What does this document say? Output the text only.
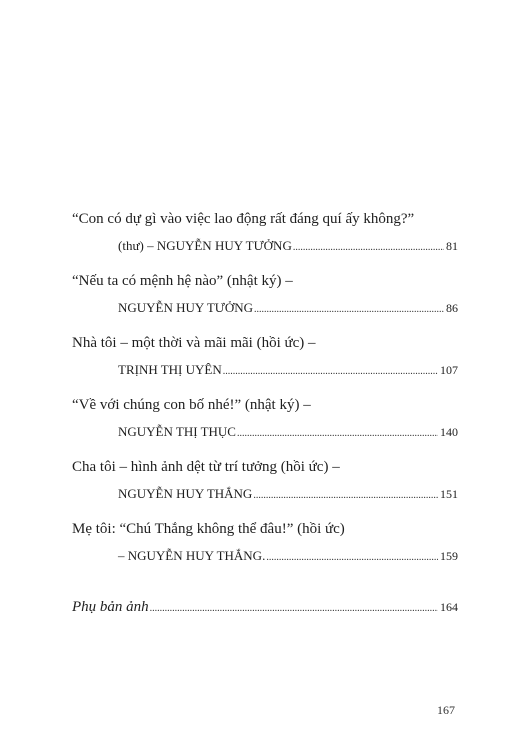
“Con có dự gì vào việc lao động rất đáng quí ấy không?”
(thư) – NGUYỄN HUY TƯỞNG .....	81
“Nếu ta có mệnh hệ nào” (nhật ký) –
NGUYỄN HUY TƯỞNG .....	86
Nhà tôi – một thời và mãi mãi (hồi ức) –
TRỊNH THỊ UYÊN .....	107
“Về với chúng con bố nhé!” (nhật ký) –
NGUYỄN THỊ THỤC .....	140
Cha tôi – hình ảnh dệt từ trí tưởng (hồi ức) –
NGUYỄN HUY THẮNG .....	151
Mẹ tôi: “Chú Thắng không thể đâu!” (hồi ức)
– NGUYỄN HUY THẮNG. .....	159
Phụ bản ảnh .....	164
167
